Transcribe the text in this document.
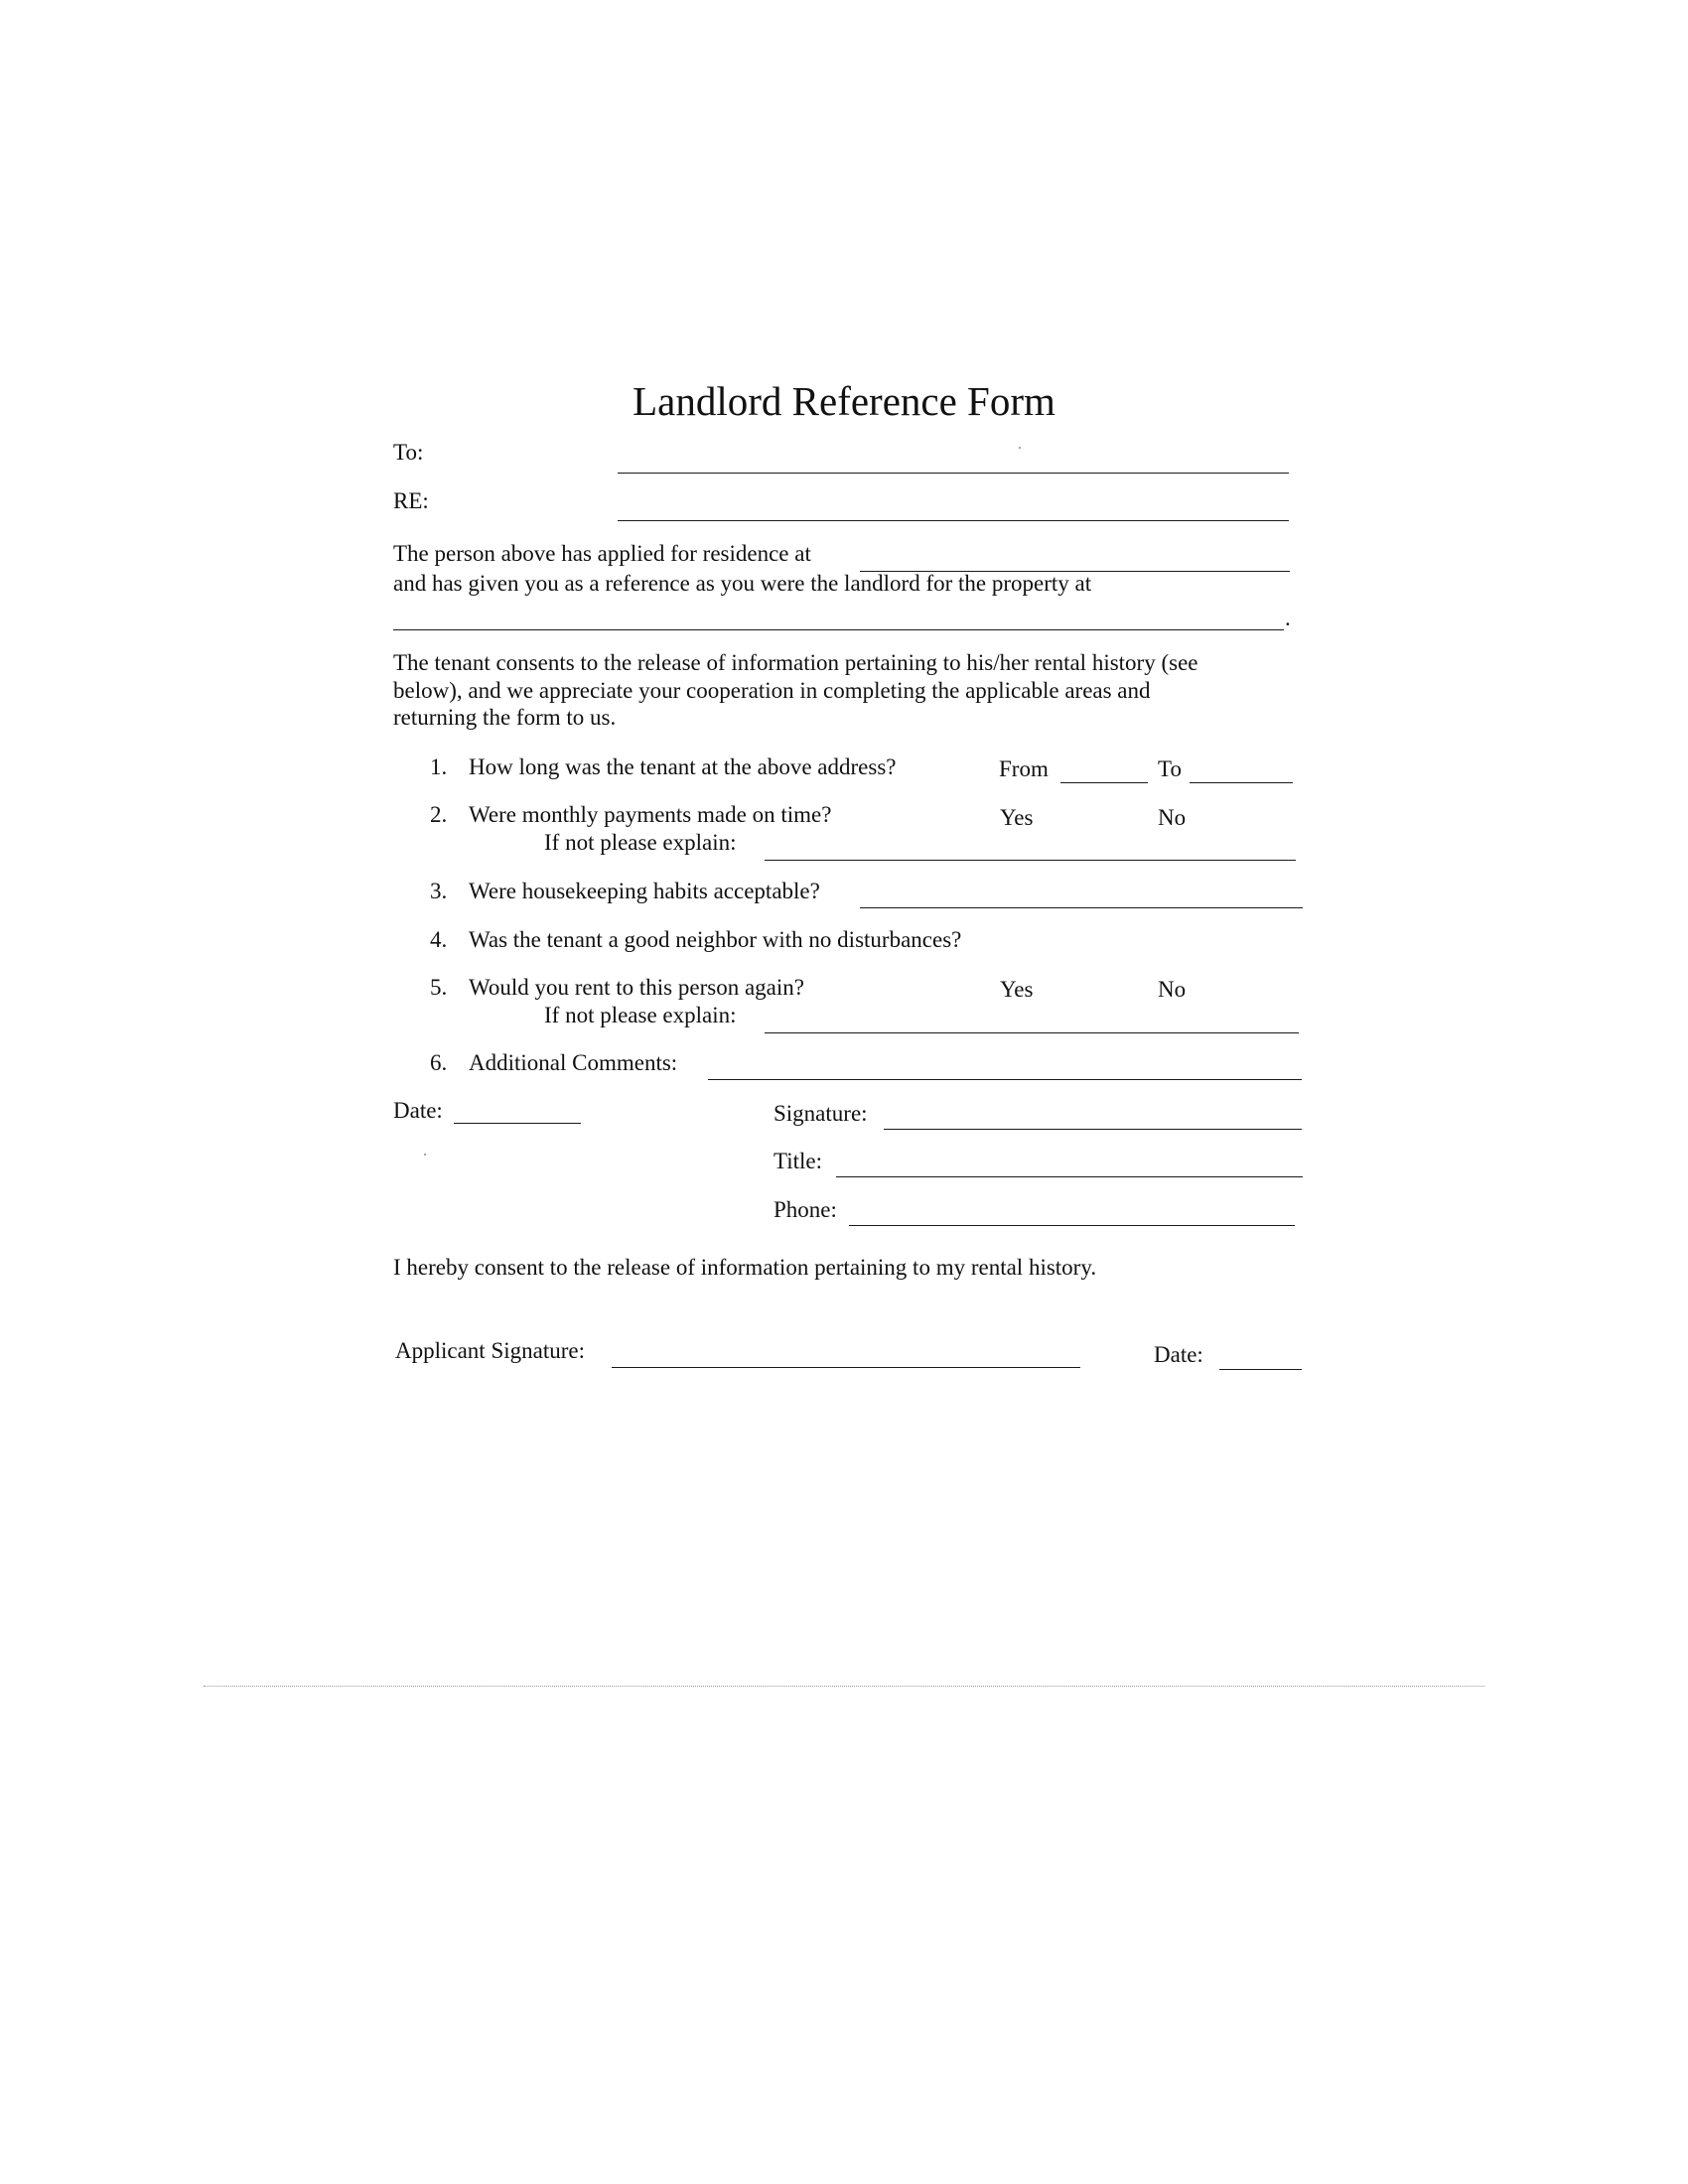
Landlord Reference Form
To:
RE:
The person above has applied for residence at
and has given you as a reference as you were the landlord for the property at
.
The tenant consents to the release of information pertaining to his/her rental history (see
below), and we appreciate your cooperation in completing the applicable areas and
returning the form to us.
1. How long was the tenant at the above address?	From	To
2. Were monthly payments made on time?	Yes	No
If not please explain:
3. Were housekeeping habits acceptable?
4. Was the tenant a good neighbor with no disturbances?
5. Would you rent to this person again?	Yes	No
If not please explain:
6. Additional Comments:
Date:	Signature:
Title:
Phone:
I hereby consent to the release of information pertaining to my rental history.
Applicant Signature:	Date:
